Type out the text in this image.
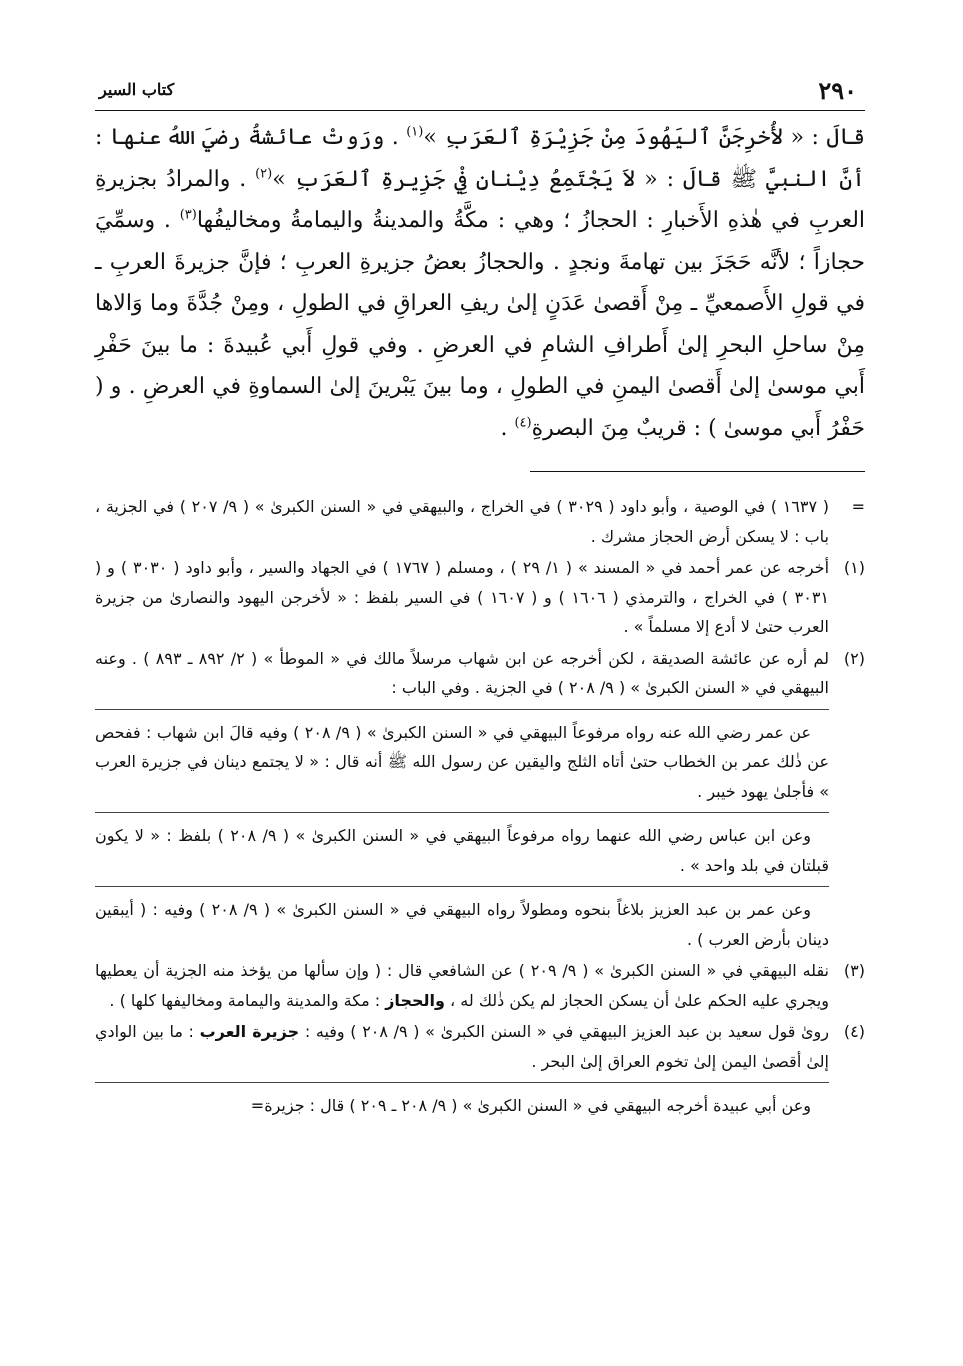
٢٩٠
كتاب السير

قالَ : « لأُخرِجَنَّ ٱليَهُودَ مِنْ جَزِيْرَةِ ٱلعَرَبِ »$^{(١)}$ . ورَوتْ عائشةُ رضيَ اللهُ عنها : أنَّ النبيَّ ﷺ قالَ : « لاَ يَجْتَمِعُ دِيْنانِ فِيْ جَزِيرةِ ٱلعَرَبِ »$^{(٢)}$ . والمرادُ بجزيرةِ العربِ في هٰذهِ الأَخبارِ : الحجازُ ؛ وهي : مكَّةُ والمدينةُ واليمامةُ ومخاليفُها$^{(٣)}$ . وسمِّيَ حجازاً ؛ لأنَّه حَجَزَ بين تهامةَ ونجدٍ . والحجازُ بعضُ جزيرةِ العربِ ؛ فإنَّ جزيرةَ العربِ ـ في قولِ الأَصمعيِّ ـ مِنْ أَقصىٰ عَدَنٍ إلىٰ ريفِ العراقِ في الطولِ ، ومِنْ جُدَّةَ وما وَالاها مِنْ ساحلِ البحرِ إلىٰ أَطرافِ الشامِ في العرضِ . وفي قولِ أَبي عُبيدةَ : ما بينَ حَفْرِ أَبي موسىٰ إلىٰ أَقصىٰ اليمنِ في الطولِ ، وما بينَ يَبْرينَ إلىٰ السماوةِ في العرضِ . و ( حَفْرُ أَبي موسىٰ ) : قريبٌ مِنَ البصرةِ$^{(٤)}$ .

=

( ١٦٣٧ ) في الوصية ، وأبو داود ( ٣٠٢٩ ) في الخراج ، والبيهقي في « السنن الكبرىٰ » ( ٩/ ٢٠٧ ) في الجزية ، باب : لا يسكن أرض الحجاز مشرك .

(١)

أخرجه عن عمر أحمد في « المسند » ( ١/ ٢٩ ) ، ومسلم ( ١٧٦٧ ) في الجهاد والسير ، وأبو داود ( ٣٠٣٠ ) و ( ٣٠٣١ ) في الخراج ، والترمذي ( ١٦٠٦ ) و ( ١٦٠٧ ) في السير بلفظ : « لأخرجن اليهود والنصارىٰ من جزيرة العرب حتىٰ لا أدع إلا مسلماً » .

(٢)

لم أره عن عائشة الصديقة ، لكن أخرجه عن ابن شهاب مرسلاً مالك في « الموطأ » ( ٢/ ٨٩٢ ـ ٨٩٣ ) . وعنه البيهقي في « السنن الكبرىٰ » ( ٩/ ٢٠٨ ) في الجزية . وفي الباب :

عن عمر رضي الله عنه رواه مرفوعاً البيهقي في « السنن الكبرىٰ » ( ٩/ ٢٠٨ ) وفيه قالَ ابن شهاب : ففحص عن ذٰلك عمر بن الخطاب حتىٰ أتاه الثلج واليقين عن رسول الله ﷺ أنه قال : « لا يجتمع دينان في جزيرة العرب » فأجلىٰ يهود خيبر .

وعن ابن عباس رضي الله عنهما رواه مرفوعاً البيهقي في « السنن الكبرىٰ » ( ٩/ ٢٠٨ ) بلفظ : « لا يكون قبلتان في بلد واحد » .

وعن عمر بن عبد العزيز بلاغاً بنحوه ومطولاً رواه البيهقي في « السنن الكبرىٰ » ( ٩/ ٢٠٨ ) وفيه : ( أيبقين دينان بأرض العرب ) .

(٣)

نقله البيهقي في « السنن الكبرىٰ » ( ٩/ ٢٠٩ ) عن الشافعي قال : ( وإن سألها من يؤخذ منه الجزية أن يعطيها ويجري عليه الحكم علىٰ أن يسكن الحجاز لم يكن ذٰلك له ، والحجاز : مكة والمدينة واليمامة ومخاليفها كلها ) .

(٤)

روىٰ قول سعيد بن عبد العزيز البيهقي في « السنن الكبرىٰ » ( ٩/ ٢٠٨ ) وفيه : جزيرة العرب : ما بين الوادي إلىٰ أقصىٰ اليمن إلىٰ تخوم العراق إلىٰ البحر .

وعن أبي عبيدة أخرجه البيهقي في « السنن الكبرىٰ » ( ٩/ ٢٠٨ ـ ٢٠٩ ) قال : جزيرة=
